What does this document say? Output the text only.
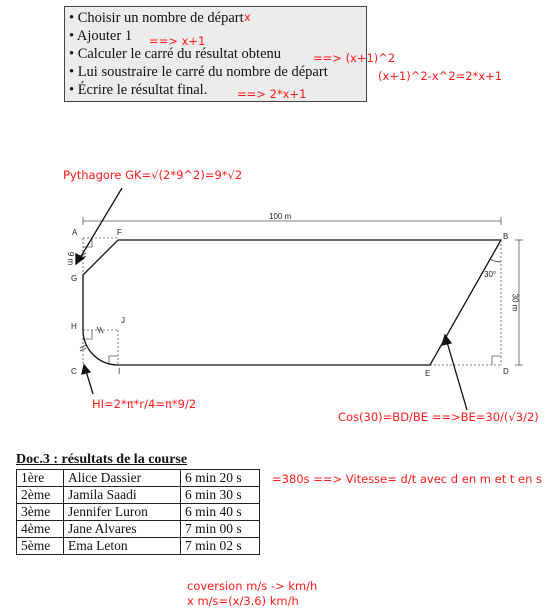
• Choisir un nombre de départ
• Ajouter 1
• Calculer le carré du résultat obtenu
• Lui soustraire le carré du nombre de départ
• Écrire le résultat final.
x
==> x+1
==> (x+1)^2
(x+1)^2-x^2=2*x+1
==> 2*x+1
Pythagore GK=√(2*9^2)=9*√2
HI=2*π*r/4=π*9/2
Cos(30)=BD/BE ==>BE=30/(√3/2)
100 m
9 m
30 m
30°
A	B
C	D
E
F
G
H
I
J
Doc.3 : résultats de la course
1ère	Alice Dassier	6 min 20 s
2ème	Jamila Saadi	6 min 30 s
3ème	Jennifer Luron	6 min 40 s
4ème	Jane Alvares	7 min 00 s
5ème	Ema Leton	7 min 02 s
=380s ==> Vitesse= d/t avec d en m et t en s
coversion m/s -> km/h
x m/s=(x/3.6) km/h
